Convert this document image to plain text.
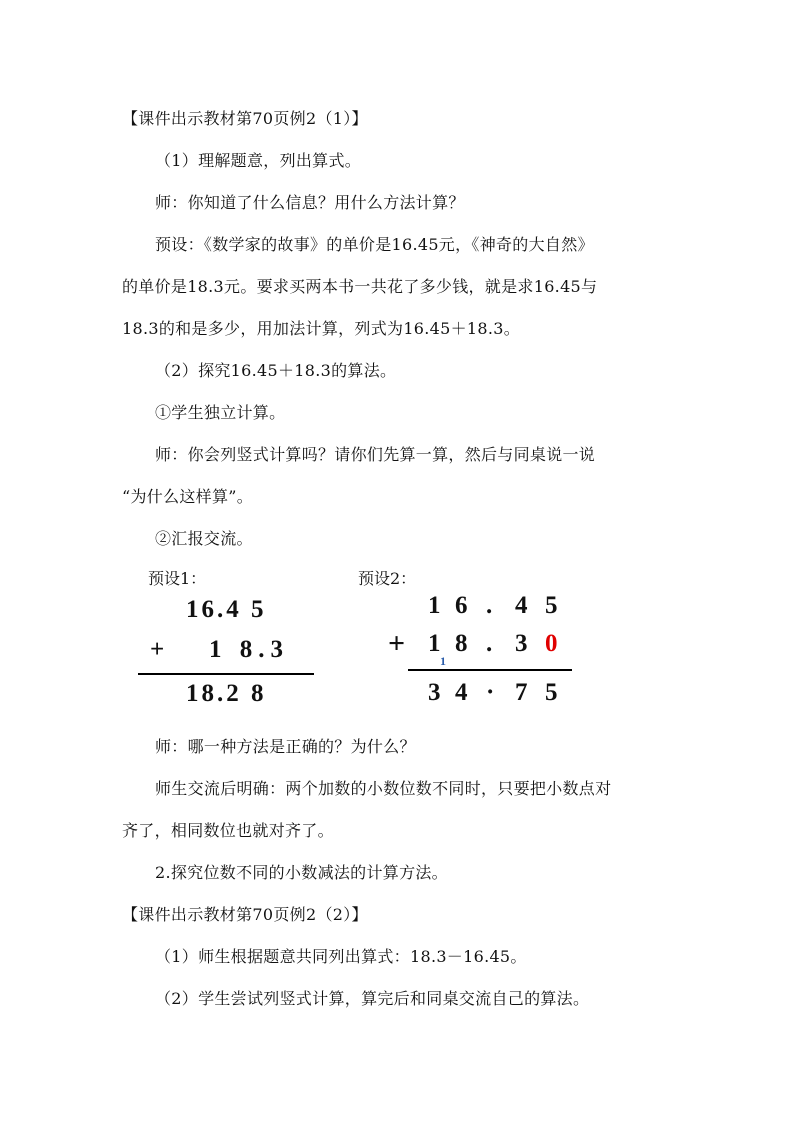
【课件出示教材第70页例2（1）】
（1）理解题意，列出算式。
师：你知道了什么信息？用什么方法计算？
预设：《数学家的故事》的单价是16.45元，《神奇的大自然》
的单价是18.3元。要求买两本书一共花了多少钱，就是求16.45与
18.3的和是多少，用加法计算，列式为16.45＋18.3。
（2）探究16.45＋18.3的算法。
①学生独立计算。
师：你会列竖式计算吗？请你们先算一算，然后与同桌说一说
“为什么这样算”。
②汇报交流。
预设1：
16.4 5
+ 1 8.3
18.2 8
预设2：
1 6 . 4 5
+ 1 8 . 3 0
1
3 4 · 7 5
师：哪一种方法是正确的？为什么？
师生交流后明确：两个加数的小数位数不同时，只要把小数点对
齐了，相同数位也就对齐了。
2.探究位数不同的小数减法的计算方法。
【课件出示教材第70页例2（2）】
（1）师生根据题意共同列出算式：18.3－16.45。
（2）学生尝试列竖式计算，算完后和同桌交流自己的算法。
